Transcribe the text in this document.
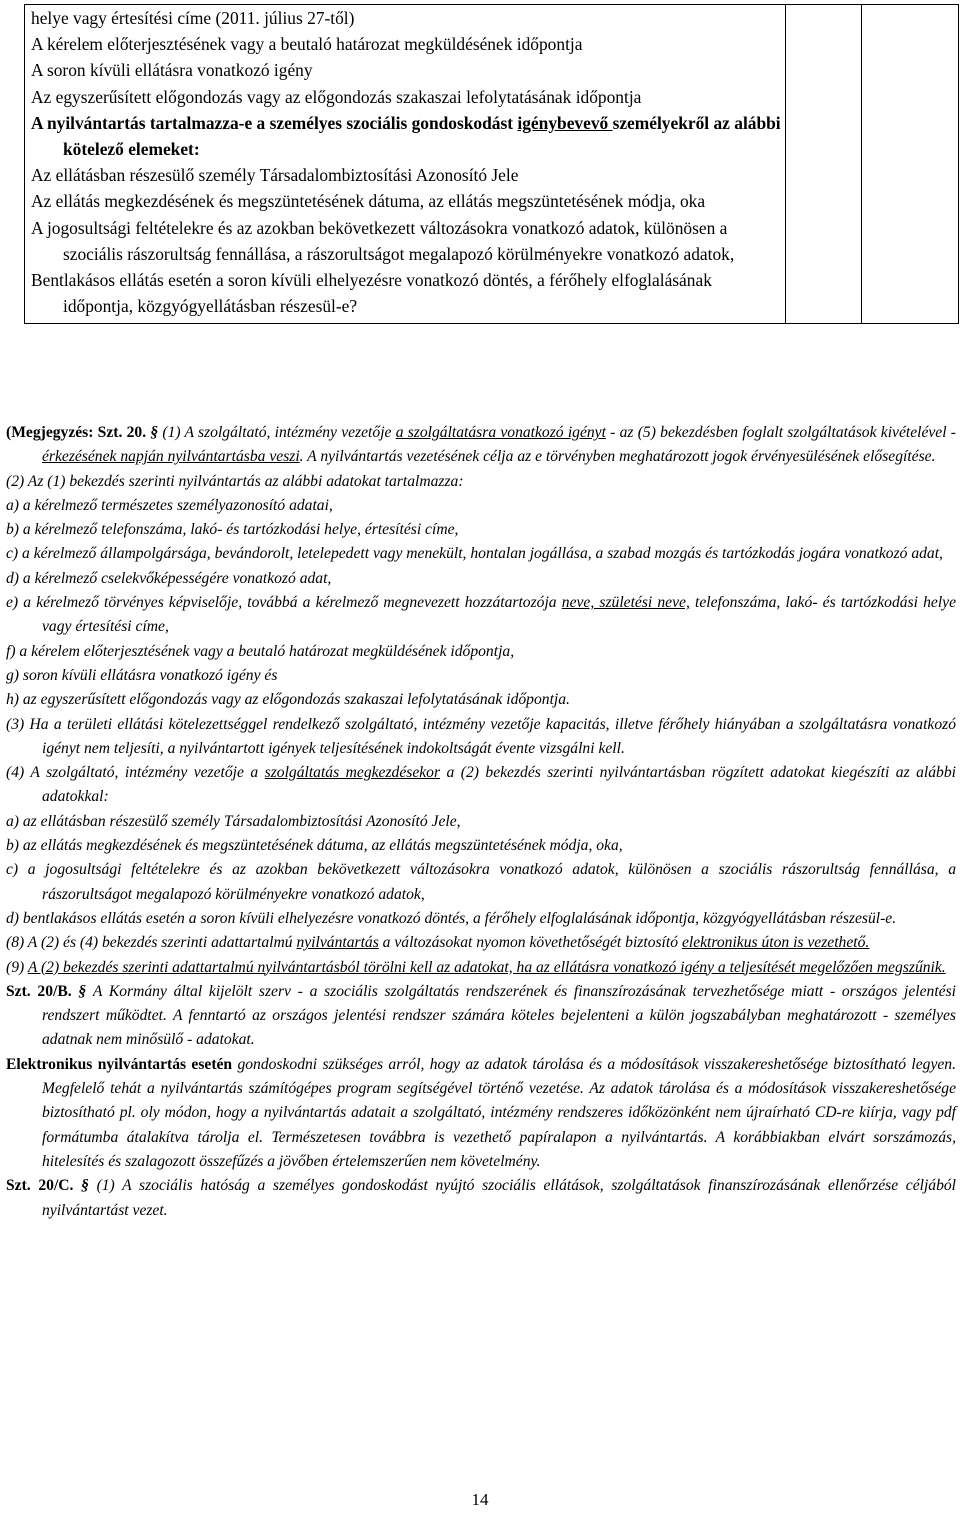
helye vagy értesítési címe (2011. július 27-től)
A kérelem előterjesztésének vagy a beutaló határozat megküldésének időpontja
A soron kívüli ellátásra vonatkozó igény
Az egyszerűsített előgondozás vagy az előgondozás szakaszai lefolytatásának időpontja
A nyilvántartás tartalmazza-e a személyes szociális gondoskodást igénybevevő személyekről az alábbi kötelező elemeket:
Az ellátásban részesülő személy Társadalombiztosítási Azonosító Jele
Az ellátás megkezdésének és megszüntetésének dátuma, az ellátás megszüntetésének módja, oka
A jogosultsági feltételekre és az azokban bekövetkezett változásokra vonatkozó adatok, különösen a szociális rászorultság fennállása, a rászorultságot megalapozó körülményekre vonatkozó adatok,
Bentlakásos ellátás esetén a soron kívüli elhelyezésre vonatkozó döntés, a férőhely elfoglalásának időpontja, közgyógyellátásban részesül-e?

(Megjegyzés: Szt. 20. § (1) A szolgáltató, intézmény vezetője a szolgáltatásra vonatkozó igényt - az (5) bekezdésben foglalt szolgáltatások kivételével - érkezésének napján nyilvántartásba veszi. A nyilvántartás vezetésének célja az e törvényben meghatározott jogok érvényesülésének elősegítése.

(2) Az (1) bekezdés szerinti nyilvántartás az alábbi adatokat tartalmazza:

a) a kérelmező természetes személyazonosító adatai,

b) a kérelmező telefonszáma, lakó- és tartózkodási helye, értesítési címe,

c) a kérelmező állampolgársága, bevándorolt, letelepedett vagy menekült, hontalan jogállása, a szabad mozgás és tartózkodás jogára vonatkozó adat,

d) a kérelmező cselekvőképességére vonatkozó adat,

e) a kérelmező törvényes képviselője, továbbá a kérelmező megnevezett hozzátartozója neve, születési neve, telefonszáma, lakó- és tartózkodási helye vagy értesítési címe,

f) a kérelem előterjesztésének vagy a beutaló határozat megküldésének időpontja,

g) soron kívüli ellátásra vonatkozó igény és

h) az egyszerűsített előgondozás vagy az előgondozás szakaszai lefolytatásának időpontja.

(3) Ha a területi ellátási kötelezettséggel rendelkező szolgáltató, intézmény vezetője kapacitás, illetve férőhely hiányában a szolgáltatásra vonatkozó igényt nem teljesíti, a nyilvántartott igények teljesítésének indokoltságát évente vizsgálni kell.

(4) A szolgáltató, intézmény vezetője a szolgáltatás megkezdésekor a (2) bekezdés szerinti nyilvántartásban rögzített adatokat kiegészíti az alábbi adatokkal:

a) az ellátásban részesülő személy Társadalombiztosítási Azonosító Jele,

b) az ellátás megkezdésének és megszüntetésének dátuma, az ellátás megszüntetésének módja, oka,

c) a jogosultsági feltételekre és az azokban bekövetkezett változásokra vonatkozó adatok, különösen a szociális rászorultság fennállása, a rászorultságot megalapozó körülményekre vonatkozó adatok,

d) bentlakásos ellátás esetén a soron kívüli elhelyezésre vonatkozó döntés, a férőhely elfoglalásának időpontja, közgyógyellátásban részesül-e.

(8) A (2) és (4) bekezdés szerinti adattartalmú nyilvántartás a változásokat nyomon követhetőségét biztosító elektronikus úton is vezethető.

(9) A (2) bekezdés szerinti adattartalmú nyilvántartásból törölni kell az adatokat, ha az ellátásra vonatkozó igény a teljesítését megelőzően megszűnik.

Szt. 20/B. § A Kormány által kijelölt szerv - a szociális szolgáltatás rendszerének és finanszírozásának tervezhetősége miatt - országos jelentési rendszert működtet. A fenntartó az országos jelentési rendszer számára köteles bejelenteni a külön jogszabályban meghatározott - személyes adatnak nem minősülő - adatokat.

Elektronikus nyilvántartás esetén gondoskodni szükséges arról, hogy az adatok tárolása és a módosítások visszakereshetősége biztosítható legyen. Megfelelő tehát a nyilvántartás számítógépes program segítségével történő vezetése. Az adatok tárolása és a módosítások visszakereshetősége biztosítható pl. oly módon, hogy a nyilvántartás adatait a szolgáltató, intézmény rendszeres időközönként nem újraírható CD-re kiírja, vagy pdf formátumba átalakítva tárolja el. Természetesen továbbra is vezethető papíralapon a nyilvántartás. A korábbiakban elvárt sorszámozás, hitelesítés és szalagozott összefűzés a jövőben értelemszerűen nem követelmény.

Szt. 20/C. § (1) A szociális hatóság a személyes gondoskodást nyújtó szociális ellátások, szolgáltatások finanszírozásának ellenőrzése céljából nyilvántartást vezet.

14
